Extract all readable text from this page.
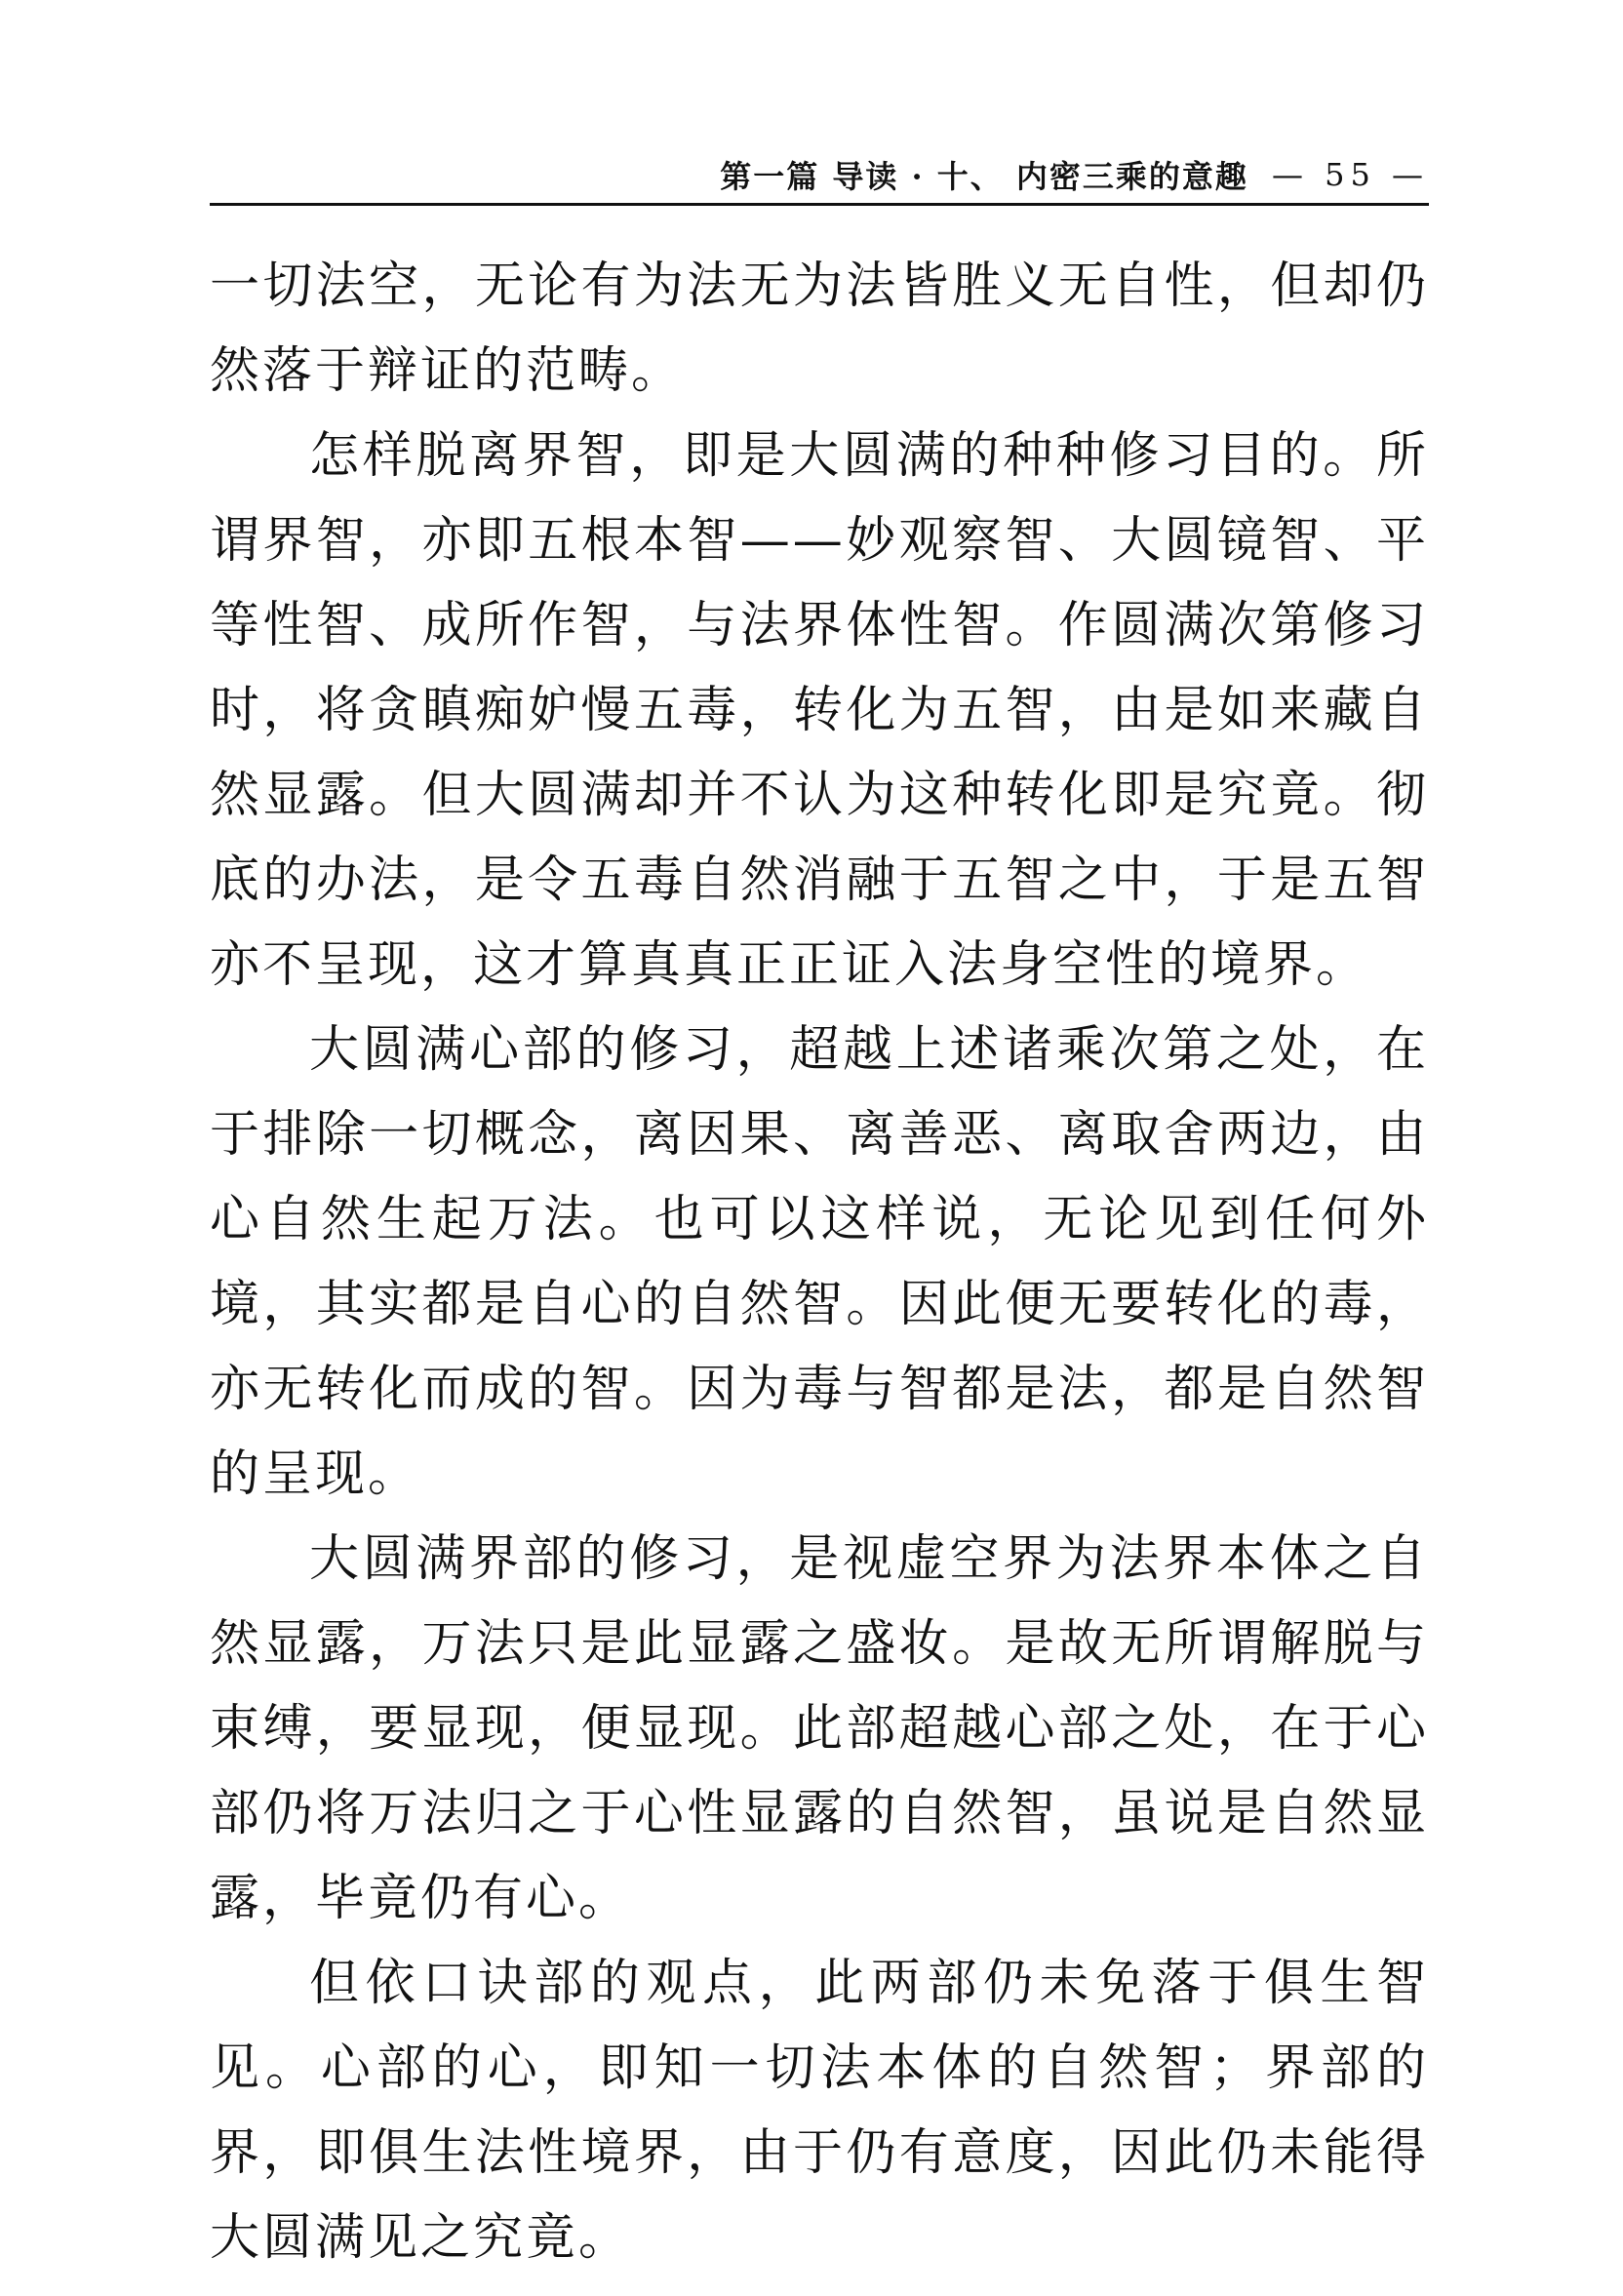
第一篇 导读 · 十、 内密三乘的意趣 — 55 —

一切法空，无论有为法无为法皆胜义无自性，但却仍然落于辩证的范畴。

怎样脱离界智，即是大圆满的种种修习目的。所谓界智，亦即五根本智——妙观察智、大圆镜智、平等性智、成所作智，与法界体性智。作圆满次第修习时，将贪瞋痴妒慢五毒，转化为五智，由是如来藏自然显露。但大圆满却并不认为这种转化即是究竟。彻底的办法，是令五毒自然消融于五智之中，于是五智亦不呈现，这才算真真正正证入法身空性的境界。

大圆满心部的修习，超越上述诸乘次第之处，在于排除一切概念，离因果、离善恶、离取舍两边，由心自然生起万法。也可以这样说，无论见到任何外境，其实都是自心的自然智。因此便无要转化的毒，亦无转化而成的智。因为毒与智都是法，都是自然智的呈现。

大圆满界部的修习，是视虚空界为法界本体之自然显露，万法只是此显露之盛妆。是故无所谓解脱与束缚，要显现，便显现。此部超越心部之处，在于心部仍将万法归之于心性显露的自然智，虽说是自然显露，毕竟仍有心。

但依口诀部的观点，此两部仍未免落于俱生智见。心部的心，即知一切法本体的自然智；界部的界，即俱生法性境界，由于仍有意度，因此仍未能得大圆满见之究竟。
